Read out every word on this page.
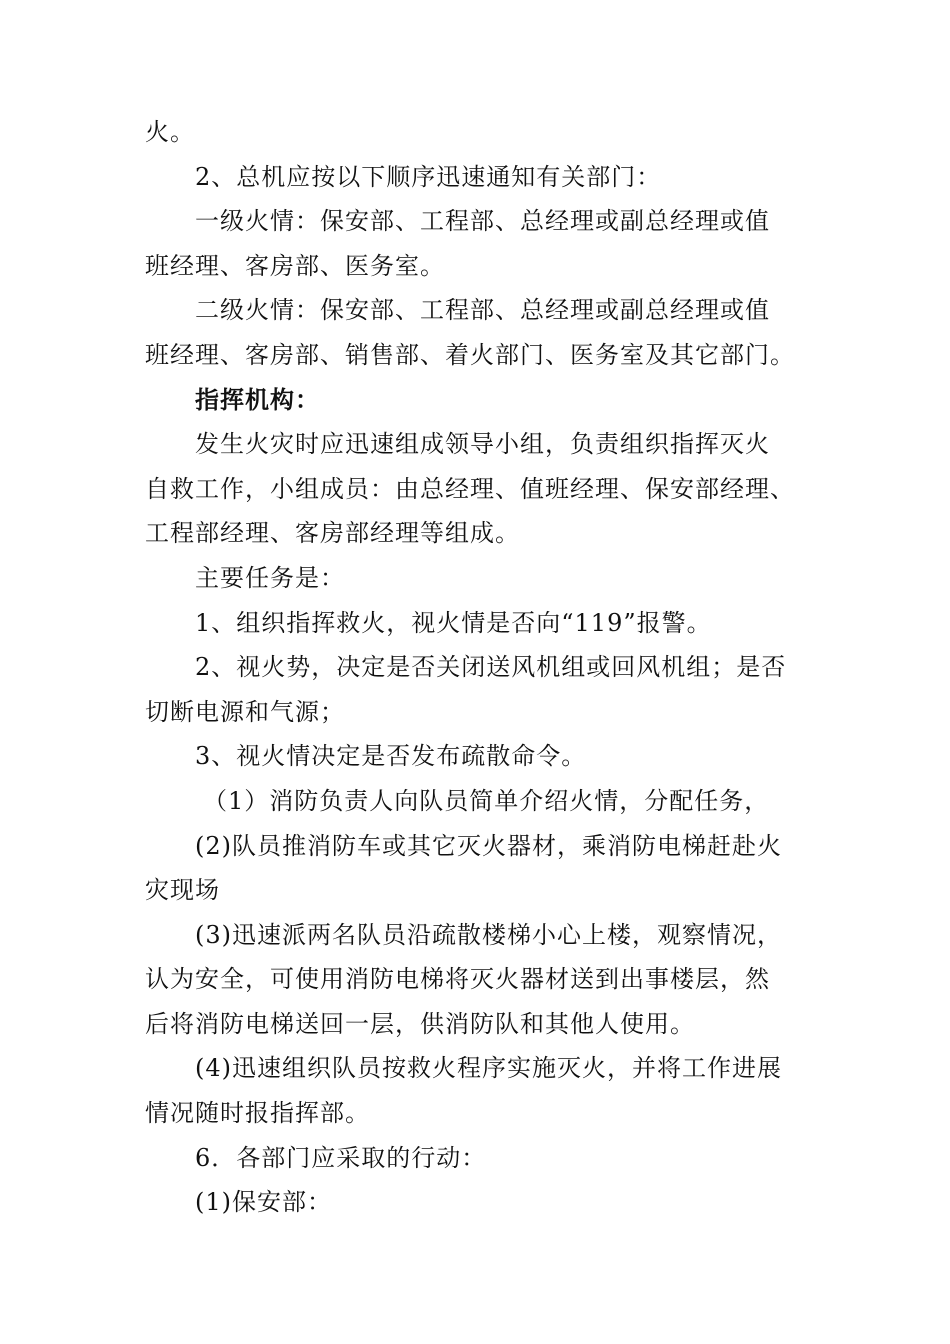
火。
2、总机应按以下顺序迅速通知有关部门：
一级火情：保安部、工程部、总经理或副总经理或值
班经理、客房部、医务室。
二级火情：保安部、工程部、总经理或副总经理或值
班经理、客房部、销售部、着火部门、医务室及其它部门。
指挥机构：
发生火灾时应迅速组成领导小组，负责组织指挥灭火
自救工作，小组成员：由总经理、值班经理、保安部经理、
工程部经理、客房部经理等组成。
主要任务是：
1、组织指挥救火，视火情是否向“119”报警。
2、视火势，决定是否关闭送风机组或回风机组；是否
切断电源和气源；
3、视火情决定是否发布疏散命令。
（1）消防负责人向队员简单介绍火情，分配任务，
(2)队员推消防车或其它灭火器材，乘消防电梯赶赴火
灾现场
(3)迅速派两名队员沿疏散楼梯小心上楼，观察情况，
认为安全，可使用消防电梯将灭火器材送到出事楼层，然
后将消防电梯送回一层，供消防队和其他人使用。
(4)迅速组织队员按救火程序实施灭火，并将工作进展
情况随时报指挥部。
6．各部门应采取的行动：
(1)保安部：
